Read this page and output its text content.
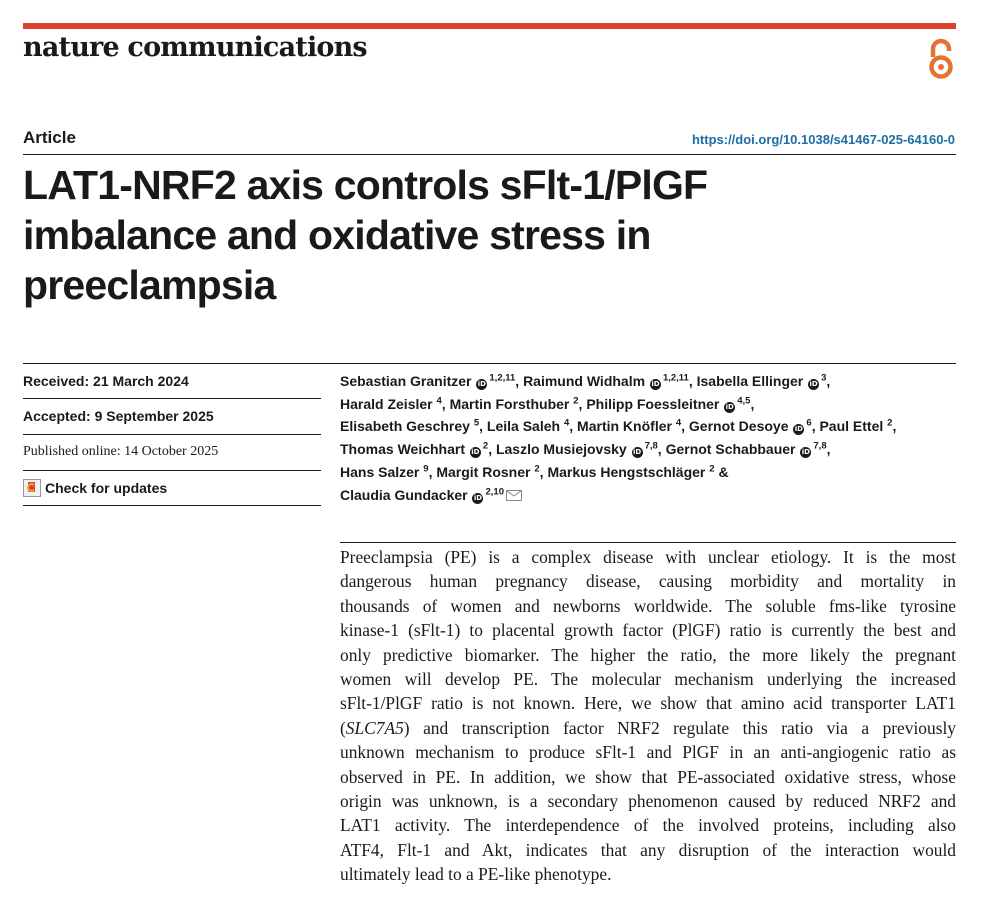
nature communications
Article	https://doi.org/10.1038/s41467-025-64160-0
LAT1-NRF2 axis controls sFlt-1/PlGF
imbalance and oxidative stress in
preeclampsia
Received: 21 March 2024
Accepted: 9 September 2025
Published online: 14 October 2025
Check for updates

Sebastian Granitzer iD$^{1,2,11}$, Raimund Widhalm iD$^{1,2,11}$, Isabella Ellinger $iD^3$,
Harald Zeisler $^4$, Martin Forsthuber $^2$, Philipp Foessleitner iD$^{4,5}$,
Elisabeth Geschrey $^5$, Leila Saleh $^4$, Martin Knöfler $^4$, Gernot Desoye $iD^6$, Paul Ettel $^2$,
Thomas Weichhart $iD^2$, Laszlo Musiejovsky iD$^{7,8}$, Gernot Schabbauer iD$^{7,8}$,
Hans Salzer $^9$, Margit Rosner $^2$, Markus Hengstschläger $^2$ &
Claudia Gundacker iD$^{2,10}$

Preeclampsia (PE) is a complex disease with unclear etiology. It is the most
dangerous human pregnancy disease, causing morbidity and mortality in
thousands of women and newborns worldwide. The soluble fms-like tyrosine
kinase-1 (sFlt-1) to placental growth factor (PlGF) ratio is currently the best and
only predictive biomarker. The higher the ratio, the more likely the pregnant
women will develop PE. The molecular mechanism underlying the increased
sFlt-1/PlGF ratio is not known. Here, we show that amino acid transporter LAT1
(SLC7A5) and transcription factor NRF2 regulate this ratio via a previously
unknown mechanism to produce sFlt-1 and PlGF in an anti-angiogenic ratio as
observed in PE. In addition, we show that PE-associated oxidative stress, whose
origin was unknown, is a secondary phenomenon caused by reduced NRF2 and
LAT1 activity. The interdependence of the involved proteins, including also
ATF4, Flt-1 and Akt, indicates that any disruption of the interaction would
ultimately lead to a PE-like phenotype.
